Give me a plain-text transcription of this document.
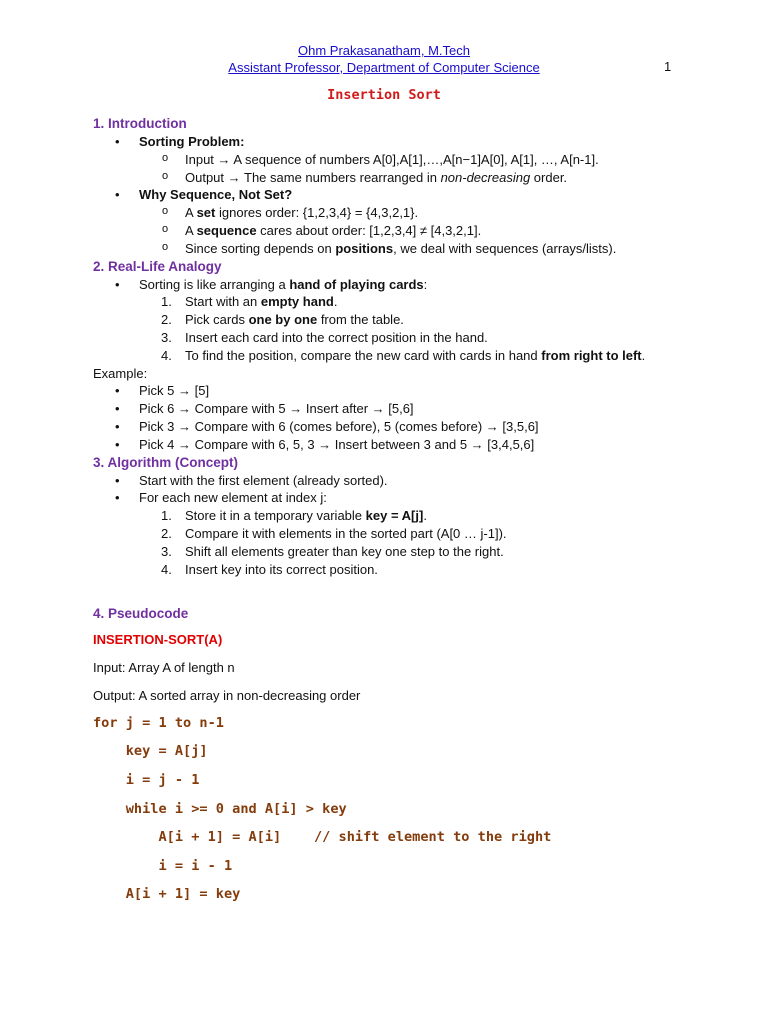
Ohm Prakasanatham, M.Tech
Assistant Professor, Department of Computer Science	1
Insertion Sort
1. Introduction
• Sorting Problem:
o Input → A sequence of numbers A[0],A[1],…,A[n−1]A[0], A[1], …, A[n-1].
o Output → The same numbers rearranged in non-decreasing order.
• Why Sequence, Not Set?
o A set ignores order: {1,2,3,4} = {4,3,2,1}.
o A sequence cares about order: [1,2,3,4] ≠ [4,3,2,1].
o Since sorting depends on positions, we deal with sequences (arrays/lists).
2. Real-Life Analogy
• Sorting is like arranging a hand of playing cards:
1. Start with an empty hand.
2. Pick cards one by one from the table.
3. Insert each card into the correct position in the hand.
4. To find the position, compare the new card with cards in hand from right to left.

Example:

• Pick 5 → [5]
• Pick 6 → Compare with 5 → Insert after → [5,6]
• Pick 3 → Compare with 6 (comes before), 5 (comes before) → [3,5,6]
• Pick 4 → Compare with 6, 5, 3 → Insert between 3 and 5 → [3,4,5,6]
3. Algorithm (Concept)
• Start with the first element (already sorted).
• For each new element at index j:
1. Store it in a temporary variable key = A[j].
2. Compare it with elements in the sorted part (A[0 … j-1]).
3. Shift all elements greater than key one step to the right.
4. Insert key into its correct position.
4. Pseudocode

INSERTION-SORT(A)

Input: Array A of length n

Output: A sorted array in non-decreasing order

for j = 1 to n-1
key = A[j]
i = j - 1
while i >= 0 and A[i] > key
A[i + 1] = A[i]    // shift element to the right
i = i - 1
A[i + 1] = key
